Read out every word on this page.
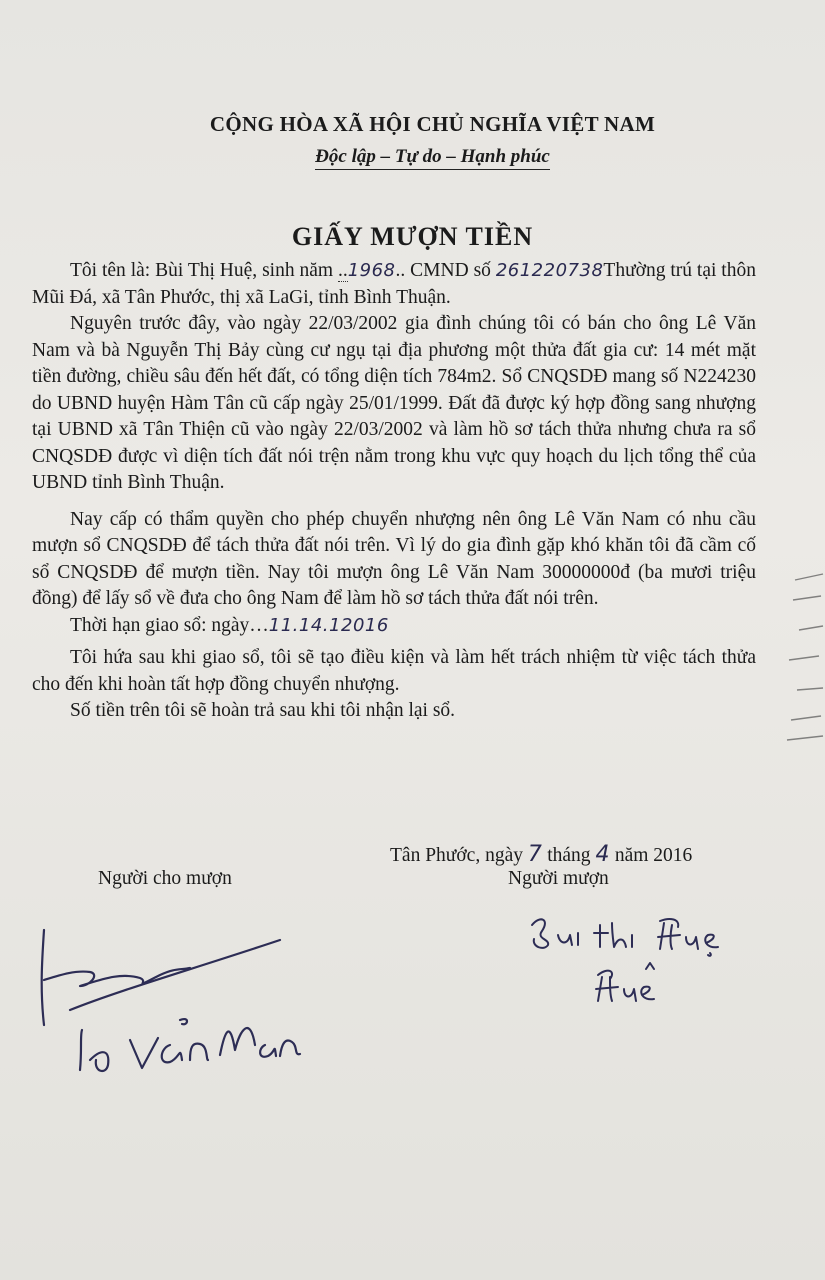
CỘNG HÒA XÃ HỘI CHỦ NGHĨA VIỆT NAM
Độc lập – Tự do – Hạnh phúc
GIẤY MƯỢN TIỀN

Tôi tên là: Bùi Thị Huệ, sinh năm ..1968.. CMND số 261220738Thường trú tại thôn Mũi Đá, xã Tân Phước, thị xã LaGi, tỉnh Bình Thuận.

Nguyên trước đây, vào ngày 22/03/2002 gia đình chúng tôi có bán cho ông Lê Văn Nam và bà Nguyễn Thị Bảy cùng cư ngụ tại địa phương một thửa đất gia cư: 14 mét mặt tiền đường, chiều sâu đến hết đất, có tổng diện tích 784m2. Sổ CNQSDĐ mang số N224230 do UBND huyện Hàm Tân cũ cấp ngày 25/01/1999. Đất đã được ký hợp đồng sang nhượng tại UBND xã Tân Thiện cũ vào ngày 22/03/2002 và làm hồ sơ tách thửa nhưng chưa ra sổ CNQSDĐ được vì diện tích đất nói trện nằm trong khu vực quy hoạch du lịch tổng thể của UBND tỉnh Bình Thuận.

Nay cấp có thẩm quyền cho phép chuyển nhượng nên ông Lê Văn Nam có nhu cầu mượn sổ CNQSDĐ để tách thửa đất nói trên. Vì lý do gia đình gặp khó khăn tôi đã cầm cố sổ CNQSDĐ để mượn tiền. Nay tôi mượn ông Lê Văn Nam 30000000đ (ba mươi triệu đồng) để lấy sổ về đưa cho ông Nam để làm hồ sơ tách thửa đất nói trên.

Thời hạn giao sổ: ngày…11.14.12016

Tôi hứa sau khi giao sổ, tôi sẽ tạo điều kiện và làm hết trách nhiệm từ việc tách thửa cho đến khi hoàn tất hợp đồng chuyển nhượng.

Số tiền trên tôi sẽ hoàn trả sau khi tôi nhận lại sổ.

Tân Phước, ngày 7 tháng 4 năm 2016
Người cho mượn	Người mượn
